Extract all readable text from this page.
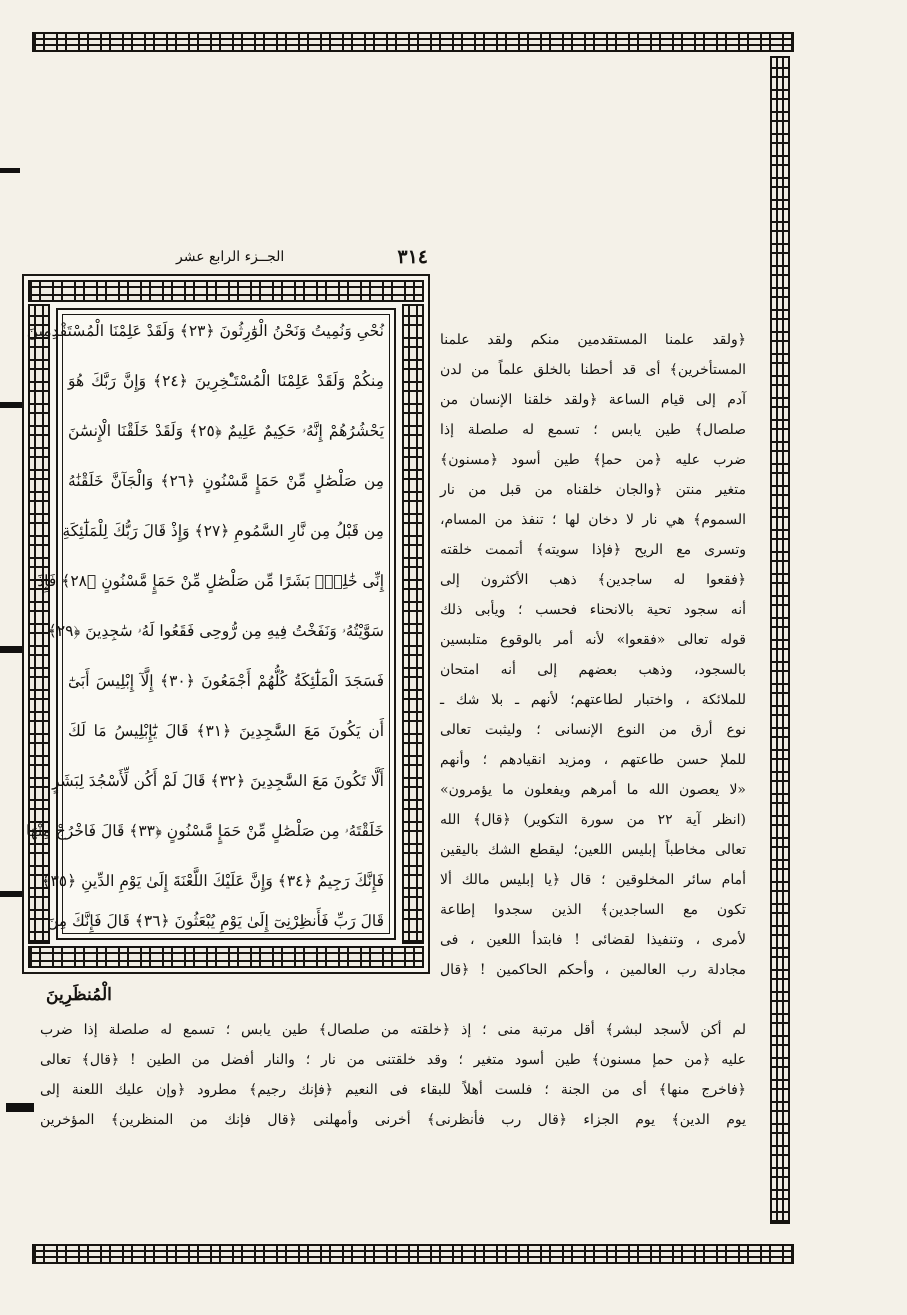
٣١٤
الجــزء الرابع عشر
نُحْىِ وَنُمِيتُ وَنَحْنُ الْوَٰرِثُونَ ﴿٢٣﴾ وَلَقَدْ عَلِمْنَا الْمُسْتَقْدِمِينَ
مِنكُمْ وَلَقَدْ عَلِمْنَا الْمُسْتَـْٔخِرِينَ ﴿٢٤﴾ وَإِنَّ رَبَّكَ هُوَ
يَحْشُرُهُمْ إِنَّهُۥ حَكِيمٌ عَلِيمٌ ﴿٢٥﴾ وَلَقَدْ خَلَقْنَا الْإِنسَٰنَ
مِن صَلْصَٰلٍ مِّنْ حَمَإٍ مَّسْنُونٍ ﴿٢٦﴾ وَالْجَآنَّ خَلَقْنَٰهُ
مِن قَبْلُ مِن نَّارِ السَّمُومِ ﴿٢٧﴾ وَإِذْ قَالَ رَبُّكَ لِلْمَلَٰٓئِكَةِ
إِنِّى خَٰلِقٌۢ بَشَرًا مِّن صَلْصَٰلٍ مِّنْ حَمَإٍ مَّسْنُونٍ ﴿٢٨﴾ فَإِذَا
سَوَّيْتُهُۥ وَنَفَخْتُ فِيهِ مِن رُّوحِى فَقَعُوا لَهُۥ سَٰجِدِينَ ﴿٢٩﴾
فَسَجَدَ الْمَلَٰٓئِكَةُ كُلُّهُمْ أَجْمَعُونَ ﴿٣٠﴾ إِلَّآ إِبْلِيسَ أَبَىٰٓ
أَن يَكُونَ مَعَ السَّٰجِدِينَ ﴿٣١﴾ قَالَ يَٰٓإِبْلِيسُ مَا لَكَ
أَلَّا تَكُونَ مَعَ السَّٰجِدِينَ ﴿٣٢﴾ قَالَ لَمْ أَكُن لِّأَسْجُدَ لِبَشَرٍ
خَلَقْتَهُۥ مِن صَلْصَٰلٍ مِّنْ حَمَإٍ مَّسْنُونٍ ﴿٣٣﴾ قَالَ فَاخْرُجْ مِنْهَا
فَإِنَّكَ رَجِيمٌ ﴿٣٤﴾ وَإِنَّ عَلَيْكَ اللَّعْنَةَ إِلَىٰ يَوْمِ الدِّينِ ﴿٣٥﴾
قَالَ رَبِّ فَأَنظِرْنِىٓ إِلَىٰ يَوْمِ يُبْعَثُونَ ﴿٣٦﴾ قَالَ فَإِنَّكَ مِنَ
الْمُنظَرِينَ
﴿ولقد علمنا المستقدمين منكم ولقد علمنا
المستأخرين﴾ أى قد أحطنا بالخلق علماً من لدن
آدم إلى قيام الساعة ﴿ولقد خلقنا الإنسان من
صلصال﴾ طين يابس ؛ تسمع له صلصلة إذا
ضرب عليه ﴿من حمإ﴾ طين أسود ﴿مسنون﴾
متغير منتن ﴿والجان خلقناه من قبل من نار
السموم﴾ هي نار لا دخان لها ؛ تنفذ من المسام،
وتسرى مع الريح ﴿فإذا سويته﴾ أتممت خلقته
﴿فقعوا له ساجدين﴾ ذهب الأكثرون إلى
أنه سجود تحية بالانحناء فحسب ؛ ويأبى ذلك
قوله تعالى «فقعوا» لأنه أمر بالوقوع متلبسين
بالسجود، وذهب بعضهم إلى أنه امتحان
للملائكة ، واختبار لطاعتهم؛ لأنهم ـ بلا شك ـ
نوع أرق من النوع الإنسانى ؛ وليثبت تعالى
للملإ حسن طاعتهم ، ومزيد انقيادهم ؛ وأنهم
«لا يعصون الله ما أمرهم ويفعلون ما يؤمرون»
(انظر آية ٢٢ من سورة التكوير) ﴿قال﴾ الله
تعالى مخاطباً إبليس اللعين؛ ليقطع الشك باليقين
أمام سائر المخلوقين ؛ قال ﴿يا إبليس مالك ألا
تكون مع الساجدين﴾ الذين سجدوا إطاعة
لأمرى ، وتنفيذا لقضائى ! فابتدأ اللعين ، فى
مجادلة رب العالمين ، وأحكم الحاكمين ! ﴿قال
لم أكن لأسجد لبشر﴾ أقل مرتبة منى ؛ إذ ﴿خلقته من صلصال﴾ طين يابس ؛ تسمع له صلصلة إذا ضرب
عليه ﴿من حمإ مسنون﴾ طين أسود متغير ؛ وقد خلقتنى من نار ؛ والنار أفضل من الطين ! ﴿قال﴾ تعالى
﴿فاخرج منها﴾ أى من الجنة ؛ فلست أهلاً للبقاء فى النعيم ﴿فإنك رجيم﴾ مطرود ﴿وإن عليك اللعنة إلى
يوم الدين﴾ يوم الجزاء ﴿قال رب فأنظرنى﴾ أخرنى وأمهلنى ﴿قال فإنك من المنظرين﴾ المؤخرين
